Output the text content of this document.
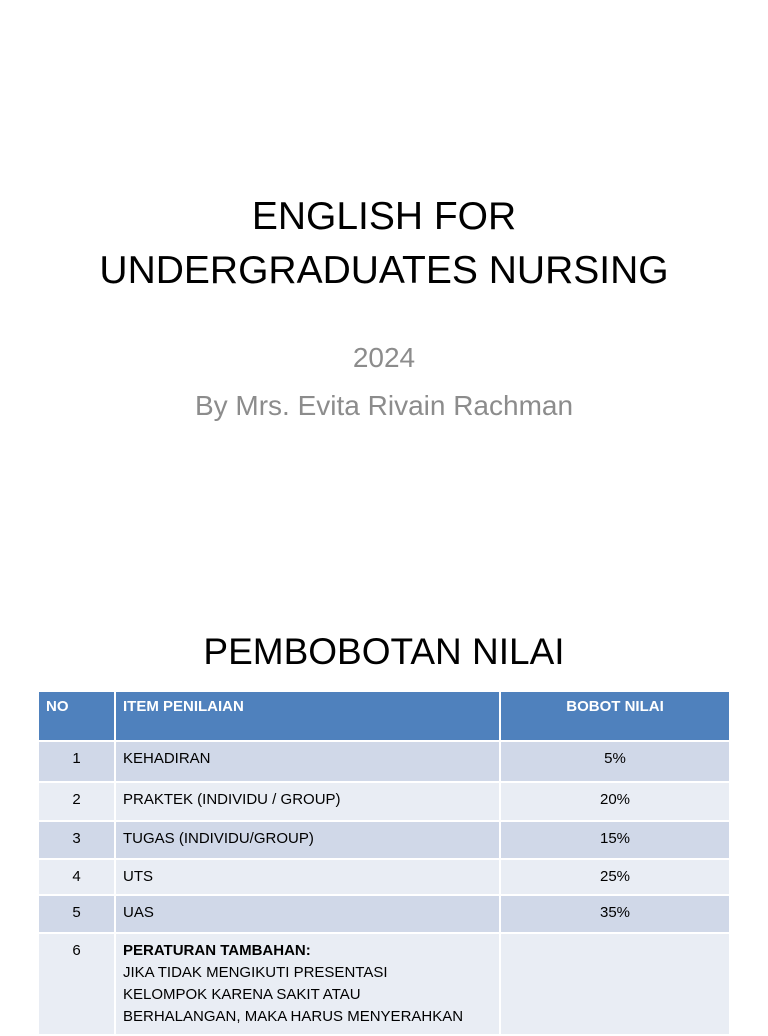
ENGLISH FOR
UNDERGRADUATES NURSING
2024
By Mrs. Evita Rivain Rachman
PEMBOBOTAN NILAI
NO	ITEM PENILAIAN	BOBOT NILAI
1	KEHADIRAN	5%
2	PRAKTEK (INDIVIDU / GROUP)	20%
3	TUGAS (INDIVIDU/GROUP)	15%
4	UTS	25%
5	UAS	35%
6	PERATURAN TAMBAHAN:
JIKA TIDAK MENGIKUTI PRESENTASI
KELOMPOK KARENA SAKIT ATAU
BERHALANGAN, MAKA HARUS MENYERAHKAN	
